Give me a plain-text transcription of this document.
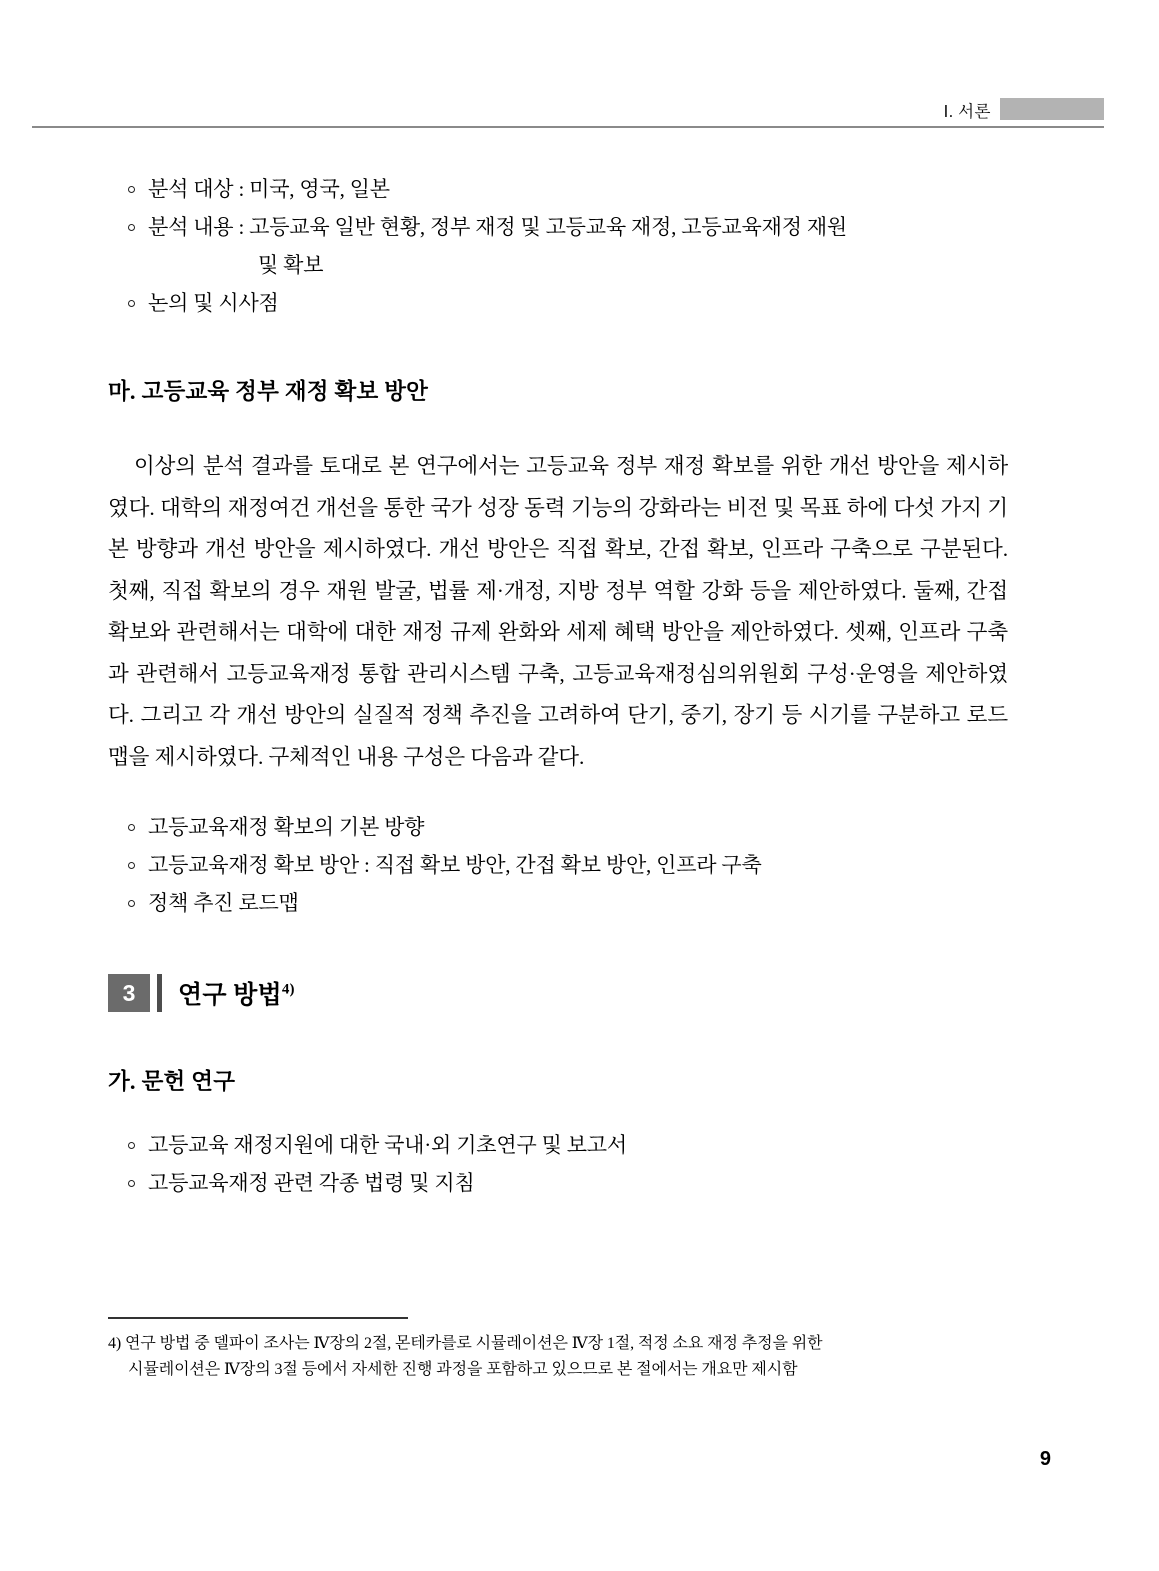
Ⅰ. 서론
분석 대상 : 미국, 영국, 일본
분석 내용 : 고등교육 일반 현황, 정부 재정 및 고등교육 재정, 고등교육재정 재원
및 확보
논의 및 시사점
마. 고등교육 정부 재정 확보 방안

이상의 분석 결과를 토대로 본 연구에서는 고등교육 정부 재정 확보를 위한 개선 방안을 제시하였다. 대학의 재정여건 개선을 통한 국가 성장 동력 기능의 강화라는 비전 및 목표 하에 다섯 가지 기본 방향과 개선 방안을 제시하였다. 개선 방안은 직접 확보, 간접 확보, 인프라 구축으로 구분된다. 첫째, 직접 확보의 경우 재원 발굴, 법률 제·개정, 지방 정부 역할 강화 등을 제안하였다. 둘째, 간접 확보와 관련해서는 대학에 대한 재정 규제 완화와 세제 혜택 방안을 제안하였다. 셋째, 인프라 구축과 관련해서 고등교육재정 통합 관리시스템 구축, 고등교육재정심의위원회 구성·운영을 제안하였다. 그리고 각 개선 방안의 실질적 정책 추진을 고려하여 단기, 중기, 장기 등 시기를 구분하고 로드맵을 제시하였다. 구체적인 내용 구성은 다음과 같다.

고등교육재정 확보의 기본 방향
고등교육재정 확보 방안 : 직접 확보 방안, 간접 확보 방안, 인프라 구축
정책 추진 로드맵
3	연구 방법$^{4)}$
가. 문헌 연구
고등교육 재정지원에 대한 국내·외 기초연구 및 보고서
고등교육재정 관련 각종 법령 및 지침
4) 연구 방법 중 델파이 조사는 Ⅳ장의 2절, 몬테카를로 시뮬레이션은 Ⅳ장 1절, 적정 소요 재정 추정을 위한
시뮬레이션은 Ⅳ장의 3절 등에서 자세한 진행 과정을 포함하고 있으므로 본 절에서는 개요만 제시함
9
